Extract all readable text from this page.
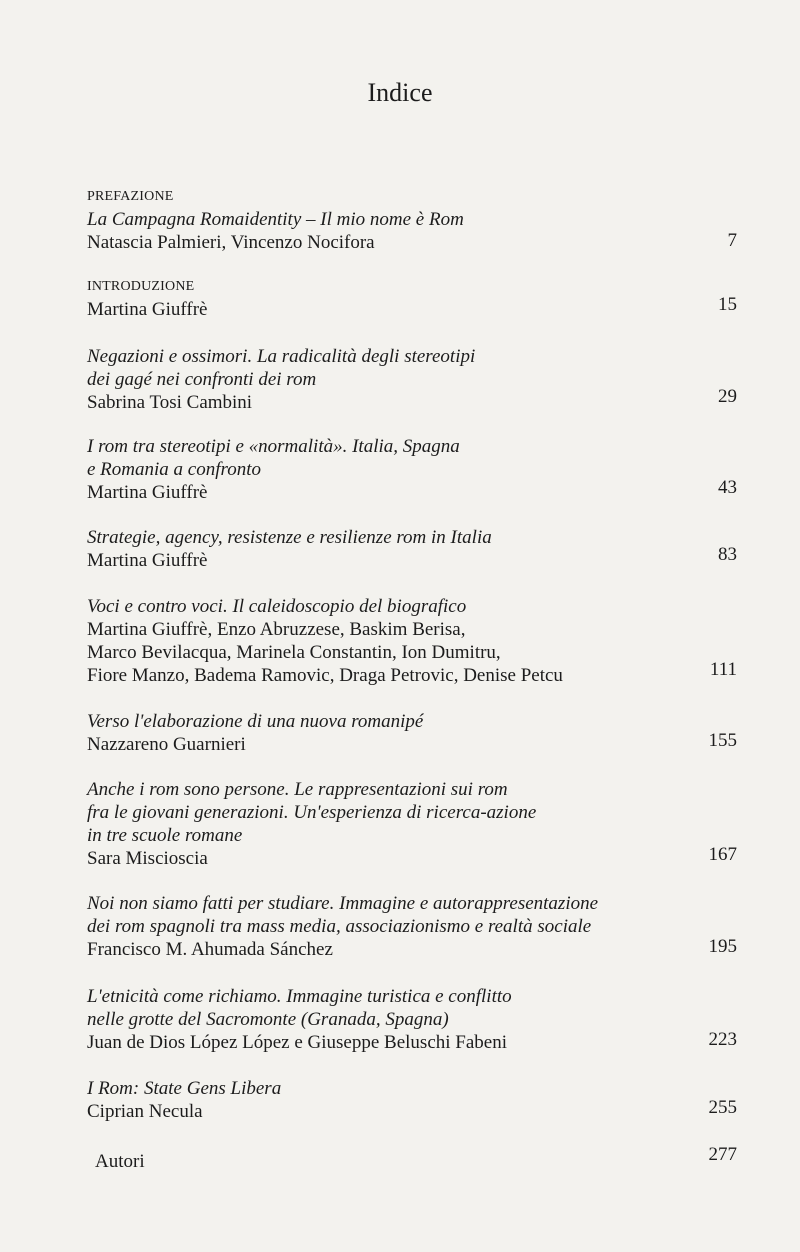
Indice
PREFAZIONE
La Campagna Romaidentity – Il mio nome è Rom
Natascia Palmieri, Vincenzo Nocifora	7
INTRODUZIONE
Martina Giuffrè	15
Negazioni e ossimori. La radicalità degli stereotipi
dei gagé nei confronti dei rom
Sabrina Tosi Cambini	29
I rom tra stereotipi e «normalità». Italia, Spagna
e Romania a confronto
Martina Giuffrè	43
Strategie, agency, resistenze e resilienze rom in Italia
Martina Giuffrè	83
Voci e contro voci. Il caleidoscopio del biografico
Martina Giuffrè, Enzo Abruzzese, Baskim Berisa,
Marco Bevilacqua, Marinela Constantin, Ion Dumitru,
Fiore Manzo, Badema Ramovic, Draga Petrovic, Denise Petcu	111
Verso l'elaborazione di una nuova romanipé
Nazzareno Guarnieri	155
Anche i rom sono persone. Le rappresentazioni sui rom
fra le giovani generazioni. Un'esperienza di ricerca-azione
in tre scuole romane
Sara Miscioscia	167
Noi non siamo fatti per studiare. Immagine e autorappresentazione
dei rom spagnoli tra mass media, associazionismo e realtà sociale
Francisco M. Ahumada Sánchez	195
L'etnicità come richiamo. Immagine turistica e conflitto
nelle grotte del Sacromonte (Granada, Spagna)
Juan de Dios López López e Giuseppe Beluschi Fabeni	223
I Rom: State Gens Libera
Ciprian Necula	255
Autori	277
